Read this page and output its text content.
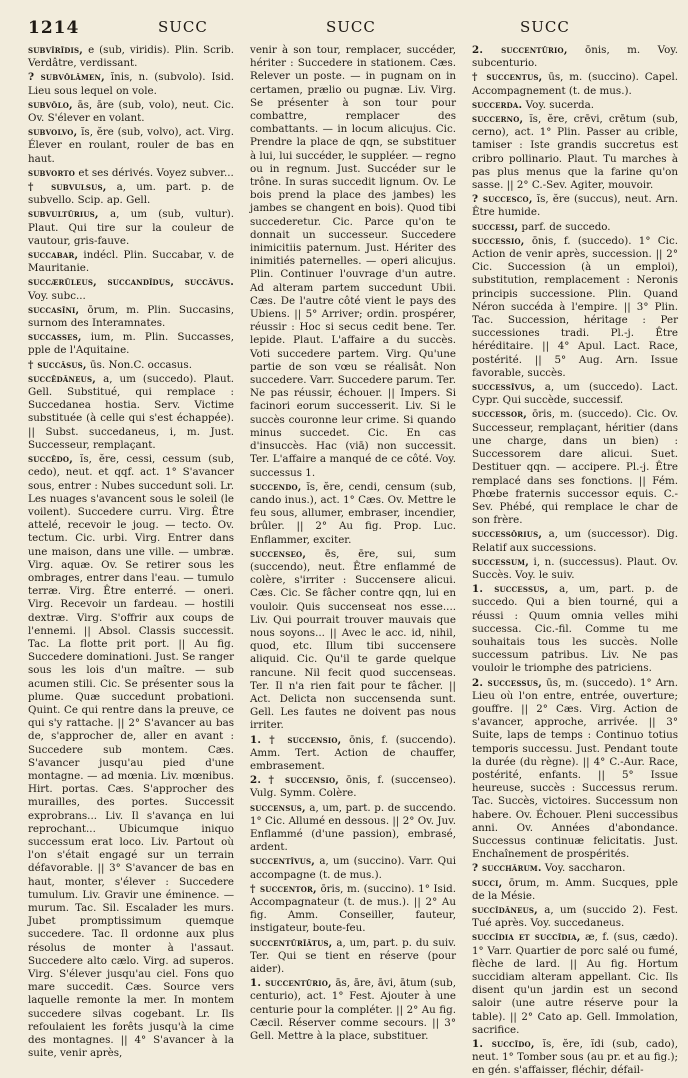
1214	SUCC	SUCC	SUCC

subvĭrĭdis, e (sub, viridis). Plin. Scrib. Verdâtre, verdissant.

? subvŏlāmen, ĭnis, n. (subvolo). Isid. Lieu sous lequel on vole.

subvŏlo, ās, āre (sub, volo), neut. Cic. Ov. S'élever en volant.

subvolvo, ĭs, ĕre (sub, volvo), act. Virg. Élever en roulant, rouler de bas en haut.

subvorto et ses dérivés. Voyez subver...

† subvulsus, a, um. part. p. de subvello. Scip. ap. Gell.

subvultŭrius, a, um (sub, vultur). Plaut. Qui tire sur la couleur de vautour, gris-fauve.

succabar, indécl. Plin. Succabar, v. de Mauritanie.

succærŭleus, succandĭdus, succāvus. Voy. subc...

succasīni, ōrum, m. Plin. Succasins, surnom des Interamnates.

succasses, ium, m. Plin. Succasses, pple de l'Aquitaine.

† succāsus, ūs. Non.C. occasus.

succēdāneus, a, um (succedo). Plaut. Gell. Substitué, qui remplace : Succedanea hostia. Serv. Victime substituée (à celle qui s'est échappée). || Subst. succedaneus, i, m. Just. Successeur, remplaçant.

succēdo, ĭs, ĕre, cessi, cessum (sub, cedo), neut. et qqf. act. 1° S'avancer sous, entrer : Nubes succedunt soli. Lr. Les nuages s'avancent sous le soleil (le voilent). Succedere curru. Virg. Être attelé, recevoir le joug. — tecto. Ov. tectum. Cic. urbi. Virg. Entrer dans une maison, dans une ville. — umbræ. Virg. aquæ. Ov. Se retirer sous les ombrages, entrer dans l'eau. — tumulo terræ. Virg. Être enterré. — oneri. Virg. Recevoir un fardeau. — hostili dextræ. Virg. S'offrir aux coups de l'ennemi. || Absol. Classis successit. Tac. La flotte prit port. || Au fig. Succedere dominationi. Just. Se ranger sous les lois d'un maître. — sub acumen stili. Cic. Se présenter sous la plume. Quæ succedunt probationi. Quint. Ce qui rentre dans la preuve, ce qui s'y rattache. || 2° S'avancer au bas de, s'approcher de, aller en avant : Succedere sub montem. Cæs. S'avancer jusqu'au pied d'une montagne. — ad mœnia. Liv. mœnibus. Hirt. portas. Cæs. S'approcher des murailles, des portes. Successit exprobrans... Liv. Il s'avança en lui reprochant... Ubicumque iniquo successum erat loco. Liv. Partout où l'on s'était engagé sur un terrain défavorable. || 3° S'avancer de bas en haut, monter, s'élever : Succedere tumulum. Liv. Gravir une éminence. — murum. Tac. Sil. Escalader les murs. Jubet promptissimum quemque succedere. Tac. Il ordonne aux plus résolus de monter à l'assaut. Succedere alto cælo. Virg. ad superos. Virg. S'élever jusqu'au ciel. Fons quo mare succedit. Cæs. Source vers laquelle remonte la mer. In montem succedere silvas cogebant. Lr. Ils refoulaient les forêts jusqu'à la cime des montagnes. || 4° S'avancer à la suite, venir après,

venir à son tour, remplacer, succéder, hériter : Succedere in stationem. Cæs. Relever un poste. — in pugnam on in certamen, prælio ou pugnæ. Liv. Virg. Se présenter à son tour pour combattre, remplacer des combattants. — in locum alicujus. Cic. Prendre la place de qqn, se substituer à lui, lui succéder, le suppléer. — regno ou in regnum. Just. Succéder sur le trône. In suras succedit lignum. Ov. Le bois prend la place des jambes) les jambes se changent en bois). Quod tibi succederetur. Cic. Parce qu'on te donnait un successeur. Succedere inimicitiis paternum. Just. Hériter des inimitiés paternelles. — operi alicujus. Plin. Continuer l'ouvrage d'un autre. Ad alteram partem succedunt Ubii. Cæs. De l'autre côté vient le pays des Ubiens. || 5° Arriver; ordin. prospérer, réussir : Hoc si secus cedit bene. Ter. lepide. Plaut. L'affaire a du succès. Voti succedere partem. Virg. Qu'une partie de son vœu se réalisât. Non succedere. Varr. Succedere parum. Ter. Ne pas réussir, échouer. || Impers. Si facinori eorum successerit. Liv. Si le succès couronne leur crime. Si quando minus succedet. Cic. En cas d'insuccès. Hac (viā) non successit. Ter. L'affaire a manqué de ce côté. Voy. successus 1.

succendo, ĭs, ĕre, cendi, censum (sub, cando inus.), act. 1° Cæs. Ov. Mettre le feu sous, allumer, embraser, incendier, brûler. || 2° Au fig. Prop. Luc. Enflammer, exciter.

succenseo, ēs, ēre, sui, sum (succendo), neut. Être enflammé de colère, s'irriter : Succensere alicui. Cæs. Cic. Se fâcher contre qqn, lui en vouloir. Quis succenseat nos esse.... Liv. Qui pourrait trouver mauvais que nous soyons... || Avec le acc. id, nihil, quod, etc. Illum tibi succensere aliquid. Cic. Qu'il te garde quelque rancune. Nil fecit quod succenseas. Ter. Il n'a rien fait pour te fâcher. || Act. Delicta non succensenda sunt. Gell. Les fautes ne doivent pas nous irriter.

1. † succensio, ōnis, f. (succendo). Amm. Tert. Action de chauffer, embrasement.

2. † succensio, ōnis, f. (succenseo). Vulg. Symm. Colère.

succensus, a, um, part. p. de succendo. 1° Cic. Allumé en dessous. || 2° Ov. Juv. Enflammé (d'une passion), embrasé, ardent.

succentīvus, a, um (succino). Varr. Qui accompagne (t. de mus.).

† succentor, ōris, m. (succino). 1° Isid. Accompagnateur (t. de mus.). || 2° Au fig. Amm. Conseiller, fauteur, instigateur, boute-feu.

succentŭrĭātus, a, um, part. p. du suiv. Ter. Qui se tient en réserve (pour aider).

1. succentŭrio, ās, āre, āvi, ātum (sub, centurio), act. 1° Fest. Ajouter à une centurie pour la compléter. || 2° Au fig. Cæcil. Réserver comme secours. || 3° Gell. Mettre à la place, substituer.

2. succentŭrio, ōnis, m. Voy. subcenturio.

† succentus, ūs, m. (succino). Capel. Accompagnement (t. de mus.).

succerda. Voy. sucerda.

succerno, ĭs, ĕre, crēvi, crētum (sub, cerno), act. 1° Plin. Passer au crible, tamiser : Iste grandis succretus est cribro pollinario. Plaut. Tu marches à pas plus menus que la farine qu'on sasse. || 2° C.-Sev. Agiter, mouvoir.

? succesco, ĭs, ĕre (succus), neut. Arn. Être humide.

successi, parf. de succedo.

successio, ōnis, f. (succedo). 1° Cic. Action de venir après, succession. || 2° Cic. Succession (à un emploi), substitution, remplacement : Neronis principis successione. Plin. Quand Néron succéda à l'empire. || 3° Plin. Tac. Succession, héritage : Per successiones tradi. Pl.-j. Être héréditaire. || 4° Apul. Lact. Race, postérité. || 5° Aug. Arn. Issue favorable, succès.

successīvus, a, um (succedo). Lact. Cypr. Qui succède, successif.

successor, ōris, m. (succedo). Cic. Ov. Successeur, remplaçant, héritier (dans une charge, dans un bien) : Successorem dare alicui. Suet. Destituer qqn. — accipere. Pl.-j. Être remplacé dans ses fonctions. || Fém. Phœbe fraternis successor equis. C.-Sev. Phébé, qui remplace le char de son frère.

successōrius, a, um (successor). Dig. Relatif aux successions.

successum, i, n. (successus). Plaut. Ov. Succès. Voy. le suiv.

1. successus, a, um, part. p. de succedo. Qui a bien tourné, qui a réussi : Quum omnia velles mihi successa. Cic.-fil. Comme tu me souhaitais tous les succès. Nolle successum patribus. Liv. Ne pas vouloir le triomphe des patriciens.

2. successus, ūs, m. (succedo). 1° Arn. Lieu où l'on entre, entrée, ouverture; gouffre. || 2° Cæs. Virg. Action de s'avancer, approche, arrivée. || 3° Suite, laps de temps : Continuo totius temporis successu. Just. Pendant toute la durée (du règne). || 4° C.-Aur. Race, postérité, enfants. || 5° Issue heureuse, succès : Successus rerum. Tac. Succès, victoires. Successum non habere. Ov. Échouer. Pleni successibus anni. Ov. Années d'abondance. Successus continuæ felicitatis. Just. Enchaînement de prospérités.

? succhărum. Voy. saccharon.

succi, ōrum, m. Amm. Sucques, pple de la Mésie.

succĭdāneus, a, um (succido 2). Fest. Tué après. Voy. succedaneus.

succĭdia et succīdia, æ, f. (sus, cædo). 1° Varr. Quartier de porc salé ou fumé, flèche de lard. || Au fig. Hortum succidiam alteram appellant. Cic. Ils disent qu'un jardin est un second saloir (une autre réserve pour la table). || 2° Cato ap. Gell. Immolation, sacrifice.

1. succĭdo, ĭs, ĕre, ĭdi (sub, cado), neut. 1° Tomber sous (au pr. et au fig.); en gén. s'affaisser, fléchir, défail-
